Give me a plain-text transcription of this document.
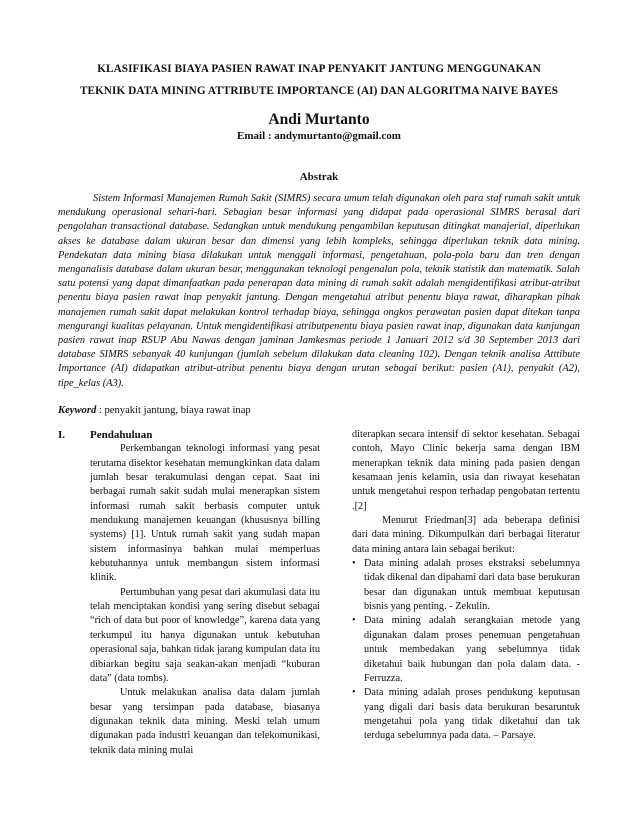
KLASIFIKASI BIAYA PASIEN RAWAT INAP PENYAKIT JANTUNG MENGGUNAKAN
TEKNIK DATA MINING ATTRIBUTE IMPORTANCE (AI) DAN ALGORITMA NAIVE BAYES
Andi Murtanto
Email : andymurtanto@gmail.com
Abstrak

Sistem Informasi Manajemen Rumah Sakit (SIMRS) secara umum telah digunakan oleh para staf rumah sakit untuk mendukung operasional sehari-hari. Sebagian besar informasi yang didapat pada operasional SIMRS berasal dari pengolahan transactional database. Sedangkan untuk mendukung pengambilan keputusan ditingkat manajerial, diperlukan akses ke database dalam ukuran besar dan dimensi yang lebih kompleks, sehingga diperlukan teknik data mining. Pendekatan data mining biasa dilakukan untuk menggali informasi, pengetahuan, pola-pola baru dan tren dengan menganalisis database dalam ukuran besar, menggunakan teknologi pengenalan pola, teknik statistik dan matematik. Salah satu potensi yang dapat dimanfaatkan pada penerapan data mining di rumah sakit adalah mengidentifikasi atribut-atribut penentu biaya pasien rawat inap penyakit jantung. Dengan mengetahui atribut penentu biaya rawat, diharapkan pihak manajemen rumah sakit dapat melakukan kontrol terhadap biaya, sehingga ongkos perawatan pasien dapat ditekan tanpa mengurangi kualitas pelayanan. Untuk mengidentifikasi atributpenentu biaya pasien rawat inap, digunakan data kunjungan pasien rawat inap RSUP Abu Nawas dengan jaminan Jamkesmas periode 1 Januari 2012 s/d 30 September 2013 dari database SIMRS sebanyak 40 kunjungan (jumlah sebelum dilakukan data cleaning 102). Dengan teknik analisa Atttibute Importance (AI) didapatkan atribut-atribut penentu biaya dengan urutan sebagai berikut: pasien (A1), penyakit (A2), tipe_kelas (A3).

Keyword : penyakit jantung, biaya rawat inap
I.	Pendahuluan

Perkembangan teknologi informasi yang pesat terutama disektor kesehatan memungkinkan data dalam jumlah besar terakumulasi dengan cepat. Saat ini berbagai rumah sakit sudah mulai menerapkan sistem informasi rumah sakit berbasis computer untuk mendukung manajemen keuangan (khususnya billing systems) [1]. Untuk rumah sakit yang sudah mapan sistem informasinya bahkan mulai memperluas kebutuhannya untuk membangun sistem informasi klinik.

Pertumbuhan yang pesat dari akumulasi data itu telah menciptakan kondisi yang sering disebut sebagai “rich of data but poor of knowledge”, karena data yang terkumpul itu hanya digunakan untuk kebutuhan operasional saja, bahkan tidak jarang kumpulan data itu dibiarkan begitu saja seakan-akan menjadi “kuburan data” (data tombs).

Untuk melakukan analisa data dalam jumlah besar yang tersimpan pada database, biasanya digunakan teknik data mining. Meski telah umum digunakan pada industri keuangan dan telekomunikasi, teknik data mining mulai

diterapkan secara intensif di sektor kesehatan. Sebagai contoh, Mayo Clinic bekerja sama dengan IBM menerapkan teknik data mining pada pasien dengan kesamaan jenis kelamin, usia dan riwayat kesehatan untuk mengetahui respon terhadap pengobatan tertentu .[2]

Menurut Friedman[3] ada beberapa definisi dari data mining. Dikumpulkan dari berbagai literatur data mining antara lain sebagai berikut:

• Data mining adalah proses ekstraksi sebelumnya tidak dikenal dan dipahami dari data base berukuran besar dan digunakan untuk membuat keputusan bisnis yang penting. - Zekulin.
• Data mining adalah serangkaian metode yang digunakan dalam proses penemuan pengetahuan untuk membedakan yang sebelumnya tidak diketahui baik hubungan dan pola dalam data. - Ferruzza.
• Data mining adalah proses pendukung keputusan yang digali dari basis data berukuran besaruntuk mengetahui pola yang tidak diketahui dan tak terduga sebelumnya pada data. – Parsaye.
